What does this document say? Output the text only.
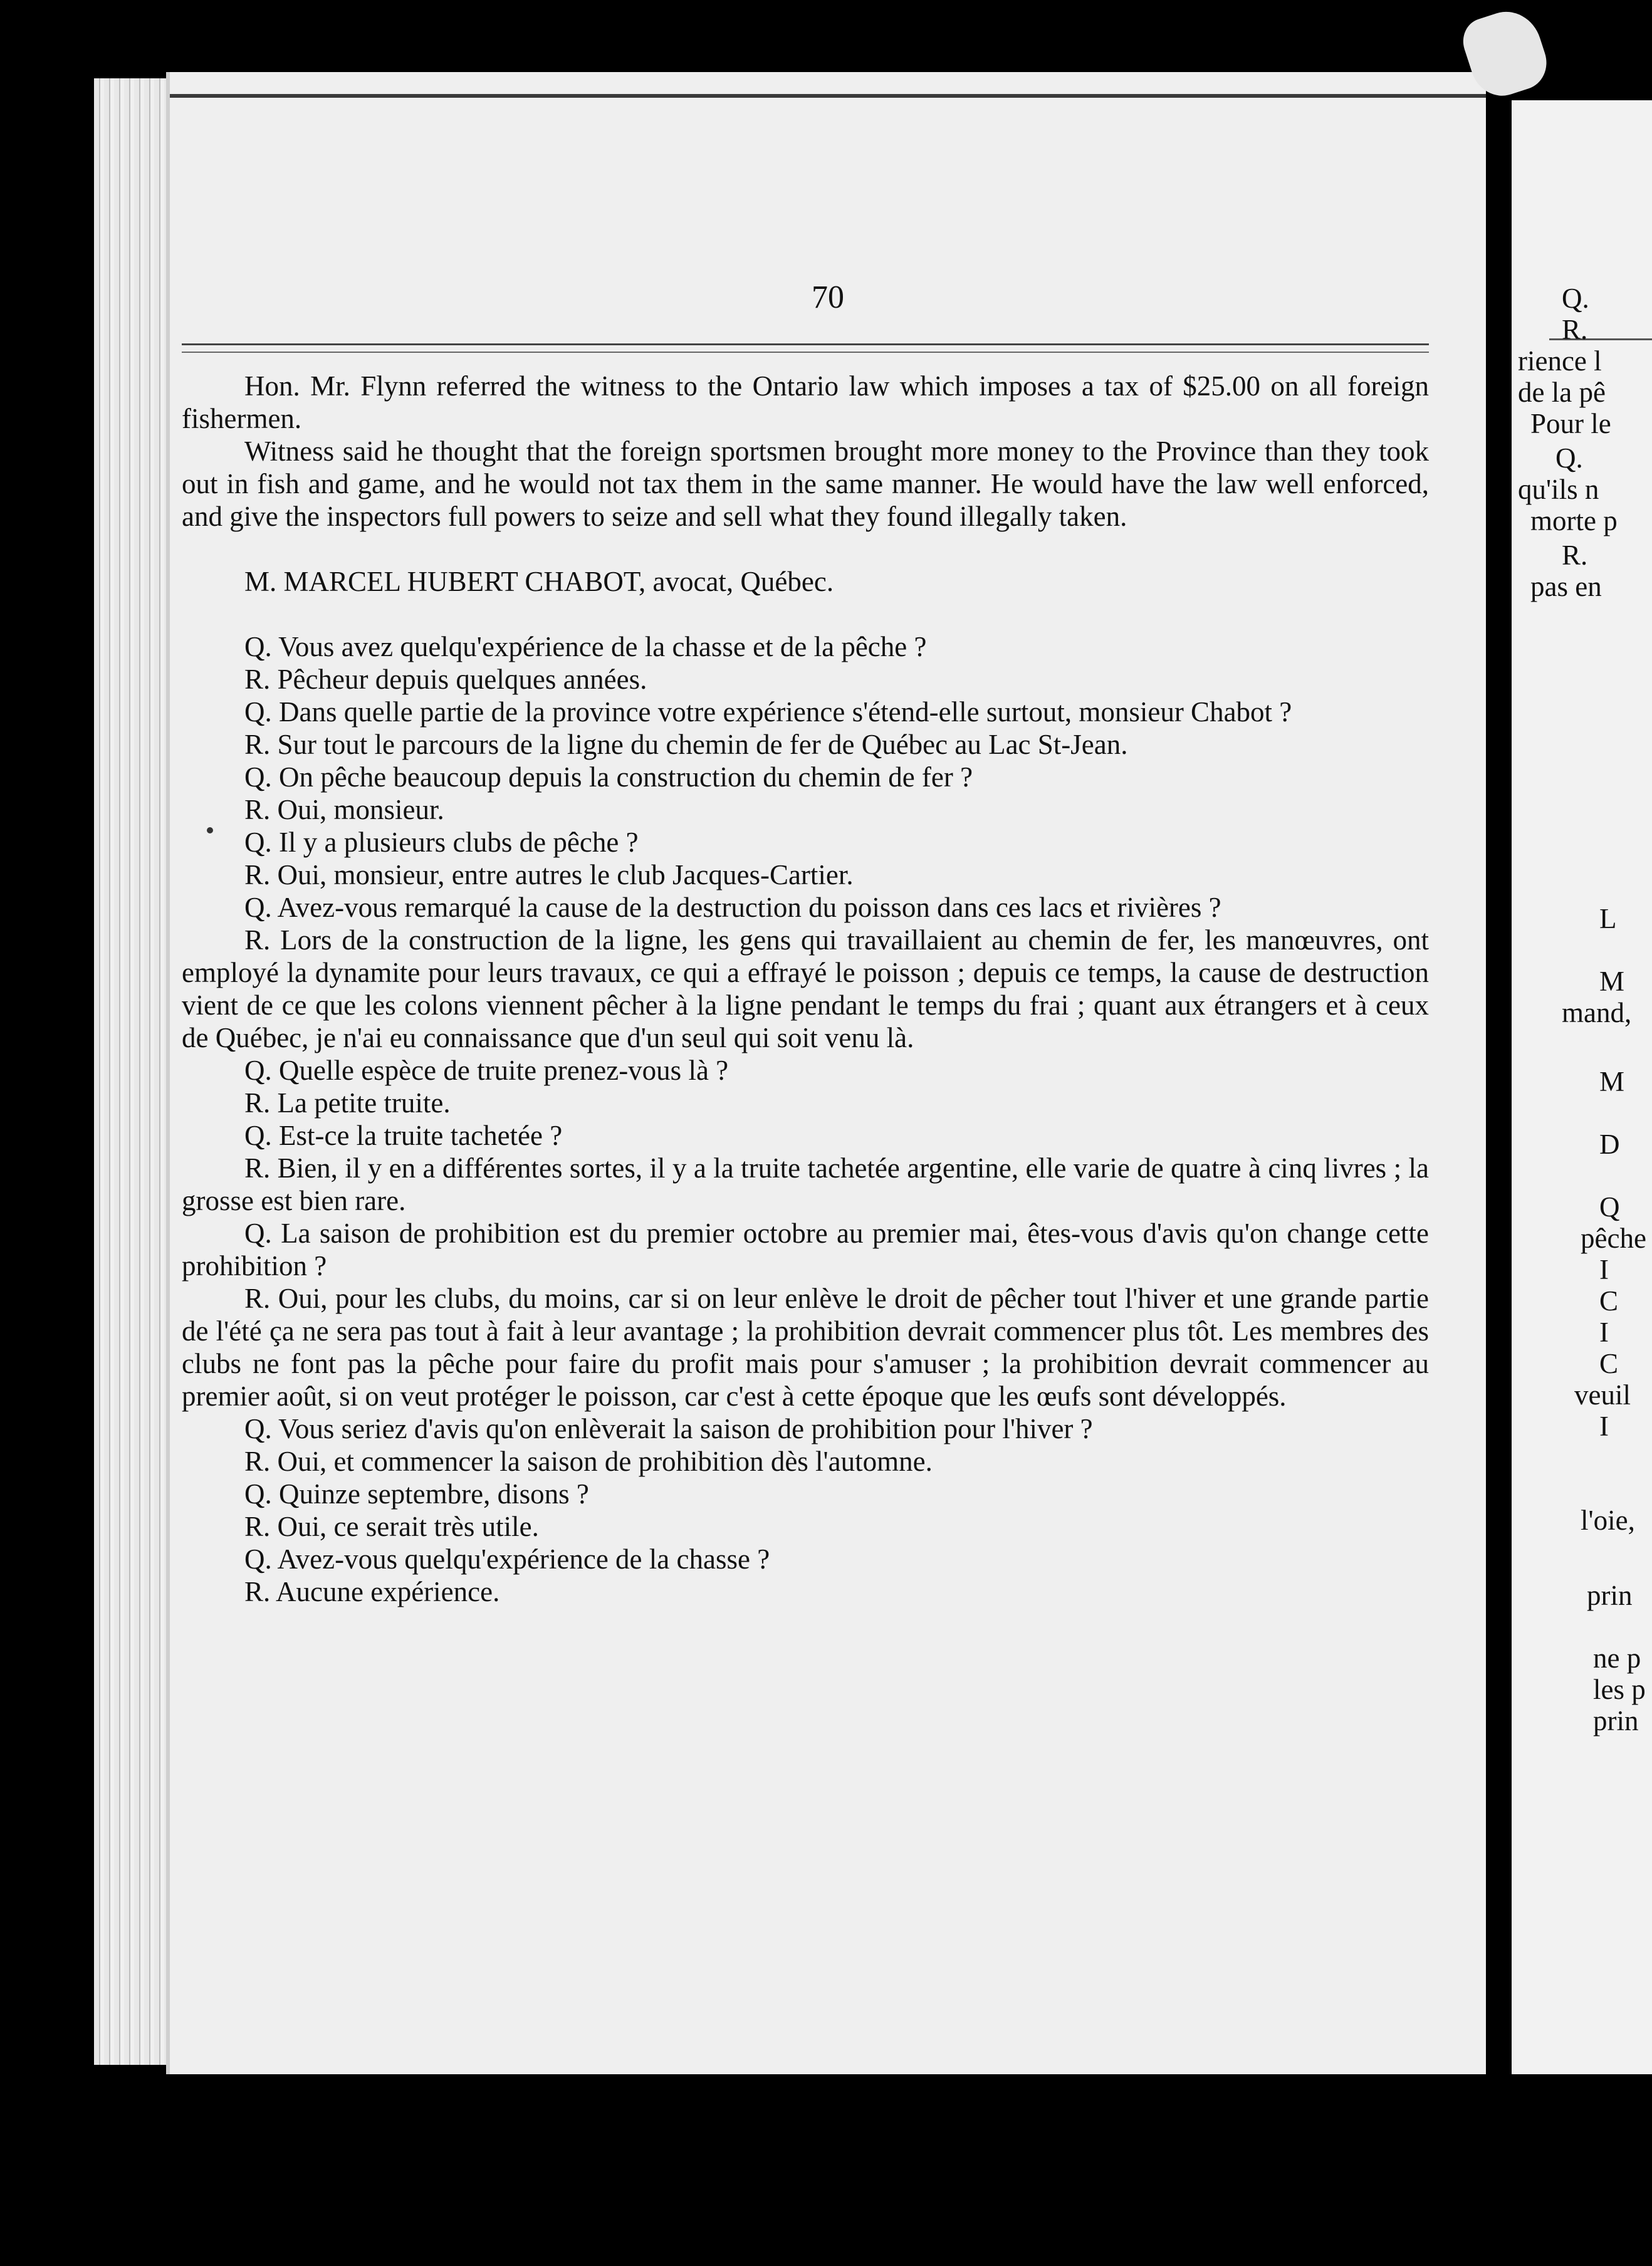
70

Hon. Mr. Flynn referred the witness to the Ontario law which imposes a tax of $25.00 on all foreign fishermen.

Witness said he thought that the foreign sportsmen brought more money to the Province than they took out in fish and game, and he would not tax them in the same manner. He would have the law well enforced, and give the inspectors full powers to seize and sell what they found illegally taken.

M. MARCEL HUBERT CHABOT, avocat, Québec.

Q. Vous avez quelqu'expérience de la chasse et de la pêche ?

R. Pêcheur depuis quelques années.

Q. Dans quelle partie de la province votre expérience s'étend-elle surtout, monsieur Chabot ?

R. Sur tout le parcours de la ligne du chemin de fer de Québec au Lac St-Jean.

Q. On pêche beaucoup depuis la construction du chemin de fer ?

R. Oui, monsieur.

Q. Il y a plusieurs clubs de pêche ?

R. Oui, monsieur, entre autres le club Jacques-Cartier.

Q. Avez-vous remarqué la cause de la destruction du poisson dans ces lacs et rivières ?

R. Lors de la construction de la ligne, les gens qui travaillaient au chemin de fer, les manœuvres, ont employé la dynamite pour leurs travaux, ce qui a effrayé le poisson ; depuis ce temps, la cause de destruction vient de ce que les colons viennent pêcher à la ligne pendant le temps du frai ; quant aux étrangers et à ceux de Québec, je n'ai eu connaissance que d'un seul qui soit venu là.

Q. Quelle espèce de truite prenez-vous là ?

R. La petite truite.

Q. Est-ce la truite tachetée ?

R. Bien, il y en a différentes sortes, il y a la truite tachetée argentine, elle varie de quatre à cinq livres ; la grosse est bien rare.

Q. La saison de prohibition est du premier octobre au premier mai, êtes-vous d'avis qu'on change cette prohibition ?

R. Oui, pour les clubs, du moins, car si on leur enlève le droit de pêcher tout l'hiver et une grande partie de l'été ça ne sera pas tout à fait à leur avantage ; la prohibition devrait commencer plus tôt. Les membres des clubs ne font pas la pêche pour faire du profit mais pour s'amuser ; la prohibition devrait commencer au premier août, si on veut protéger le poisson, car c'est à cette époque que les œufs sont développés.

Q. Vous seriez d'avis qu'on enlèverait la saison de prohibition pour l'hiver ?

R. Oui, et commencer la saison de prohibition dès l'automne.

Q. Quinze septembre, disons ?

R. Oui, ce serait très utile.

Q. Avez-vous quelqu'expérience de la chasse ?

R. Aucune expérience.

Q.
R.
rience l
de la pê
Pour le
Q.
qu'ils n
morte p
R.
pas en
L
M
mand,
M
D
Q
pêche
I
C
I
C
veuil
I
l'oie,
prin
ne p
les p
prin
